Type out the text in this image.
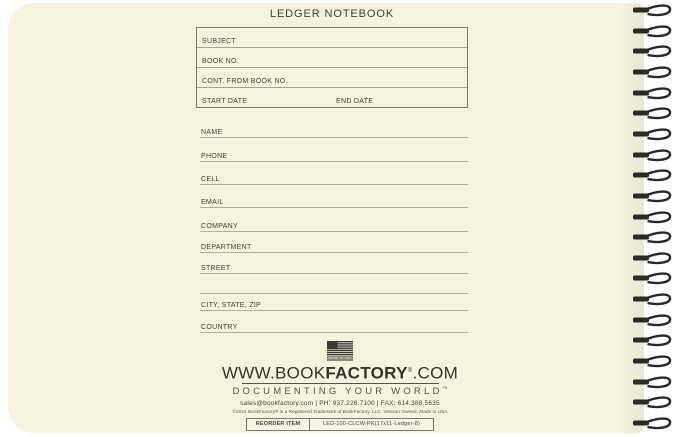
LEDGER NOTEBOOK
SUBJECT
BOOK NO.
CONT. FROM BOOK NO.
START DATE	END DATE
NAME
PHONE
CELL
EMAIL
COMPANY
DEPARTMENT
STREET
CITY, STATE, ZIP
COUNTRY
MADE IN USA
WWW.BOOKFACTORY®.COM
DOCUMENTING YOUR WORLD™
sales@bookfactory.com | PH: 937.226.7100 | FAX: 614.388.5635
©2024 BookFactory® is a Registered Trademark of BookFactory, LLC. Veteran Owned, Made in USA
REORDER ITEM	LED-100-CLCW-PK(17x11-Ledger-8)
